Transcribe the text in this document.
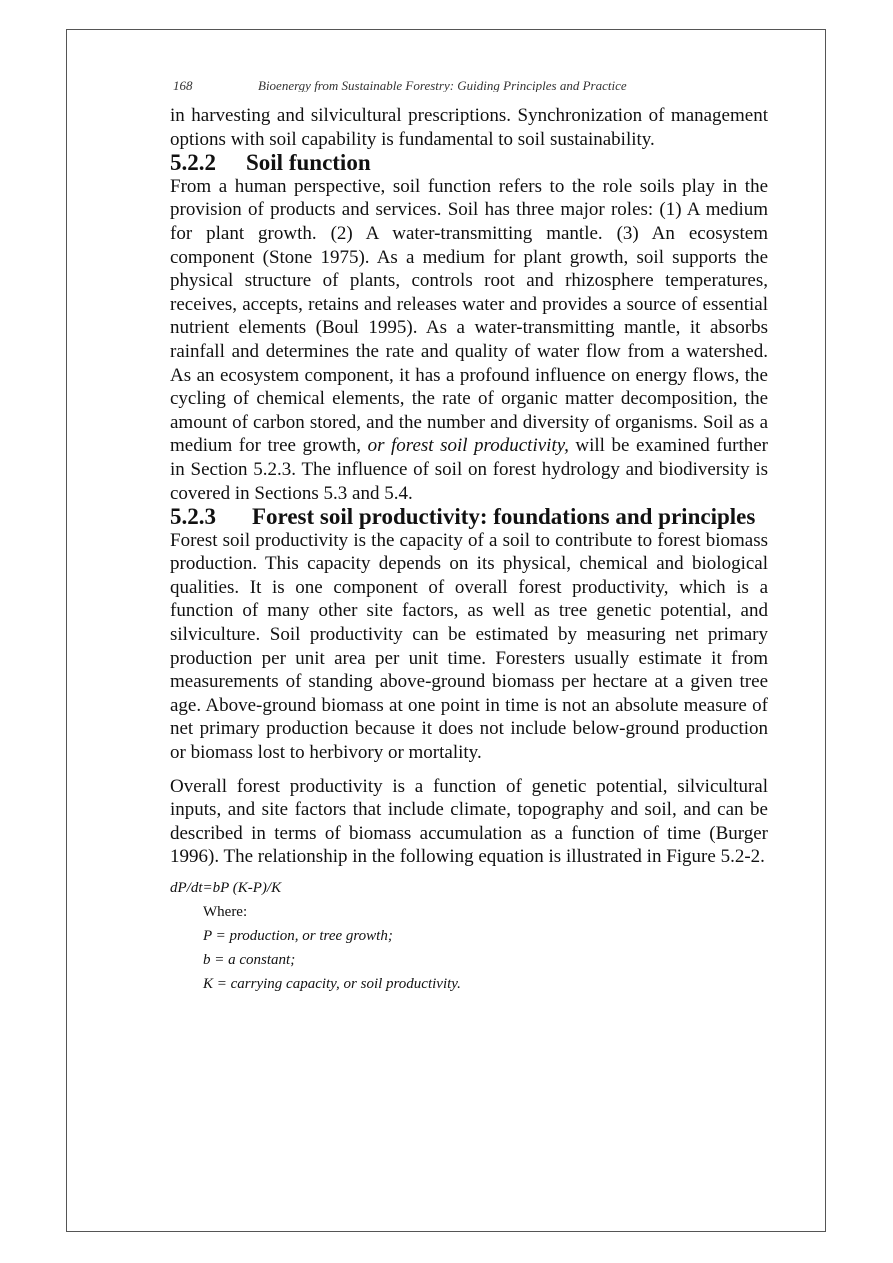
168	Bioenergy from Sustainable Forestry: Guiding Principles and Practice

in harvesting and silvicultural prescriptions. Synchronization of management options with soil capability is fundamental to soil sustainability.

5.2.2 Soil function

From a human perspective, soil function refers to the role soils play in the provision of products and services. Soil has three major roles: (1) A medium for plant growth. (2) A water-transmitting mantle. (3) An ecosystem component (Stone 1975). As a medium for plant growth, soil supports the physical structure of plants, controls root and rhizosphere temperatures, receives, accepts, retains and releases water and provides a source of essential nutrient elements (Boul 1995). As a water-transmitting mantle, it absorbs rainfall and determines the rate and quality of water flow from a watershed. As an ecosystem component, it has a profound influence on energy flows, the cycling of chemical elements, the rate of organic matter decomposition, the amount of carbon stored, and the number and diversity of organisms. Soil as a medium for tree growth, or forest soil productivity, will be examined further in Section 5.2.3. The influence of soil on forest hydrology and biodiversity is covered in Sections 5.3 and 5.4.

5.2.3 Forest soil productivity: foundations and principles

Forest soil productivity is the capacity of a soil to contribute to forest biomass production. This capacity depends on its physical, chemical and biological qualities. It is one component of overall forest productivity, which is a function of many other site factors, as well as tree genetic potential, and silviculture. Soil productivity can be estimated by measuring net primary production per unit area per unit time. Foresters usually estimate it from measurements of standing above-ground biomass per hectare at a given tree age. Above-ground biomass at one point in time is not an absolute measure of net primary production because it does not include below-ground production or biomass lost to herbivory or mortality.

Overall forest productivity is a function of genetic potential, silvicultural inputs, and site factors that include climate, topography and soil, and can be described in terms of biomass accumulation as a function of time (Burger 1996). The relationship in the following equation is illustrated in Figure 5.2-2.

dP/dt=bP (K-P)/K
Where:
P = production, or tree growth;
b = a constant;
K = carrying capacity, or soil productivity.
